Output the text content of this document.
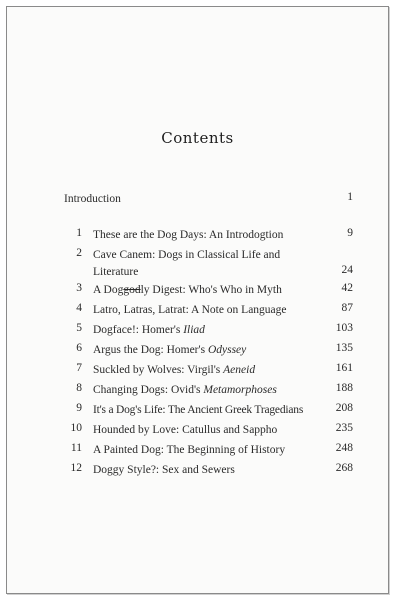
Contents
Introduction	1
1 These are the Dog Days: An Introdogtion	9
2 Cave Canem: Dogs in Classical Life and
Literature	24
3 A Doggodly Digest: Who's Who in Myth	42
4 Latro, Latras, Latrat: A Note on Language	87
5 Dogface!: Homer's Iliad	103
6 Argus the Dog: Homer's Odyssey	135
7 Suckled by Wolves: Virgil's Aeneid	161
8 Changing Dogs: Ovid's Metamorphoses	188
9 It's a Dog's Life: The Ancient Greek Tragedians	208
10 Hounded by Love: Catullus and Sappho	235
11 A Painted Dog: The Beginning of History	248
12 Doggy Style?: Sex and Sewers	268
